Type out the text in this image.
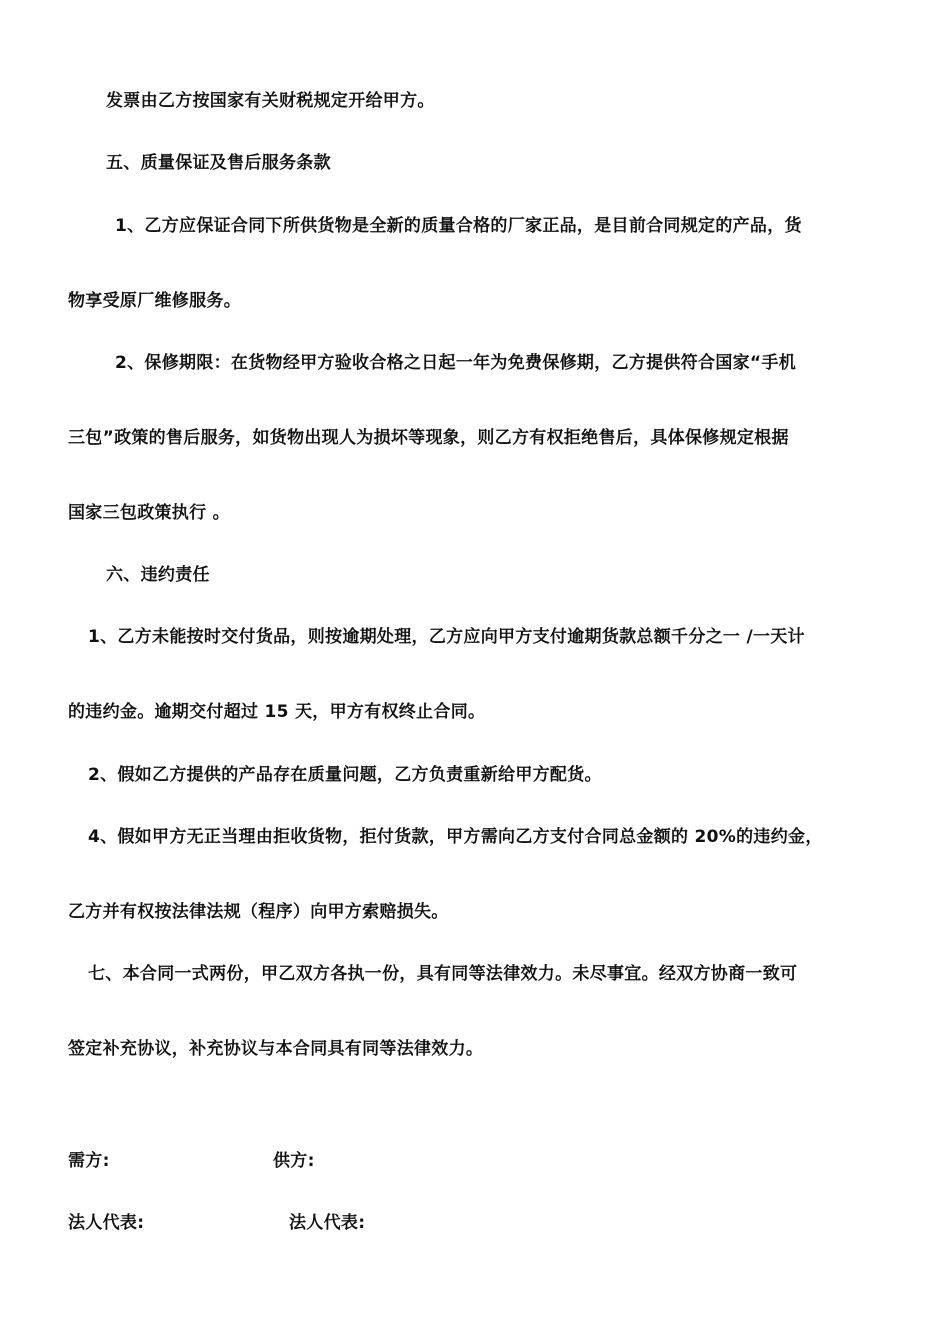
发票由乙方按国家有关财税规定开给甲方。
五、质量保证及售后服务条款
1、乙方应保证合同下所供货物是全新的质量合格的厂家正品，是目前合同规定的产品，货
物享受原厂维修服务。
2、保修期限：在货物经甲方验收合格之日起一年为免费保修期，乙方提供符合国家“手机
三包”政策的售后服务，如货物出现人为损坏等现象，则乙方有权拒绝售后，具体保修规定根据
国家三包政策执行 。
六、违约责任
1、乙方未能按时交付货品，则按逾期处理，乙方应向甲方支付逾期货款总额千分之一 /一天计
的违约金。逾期交付超过 15 天，甲方有权终止合同。
2、假如乙方提供的产品存在质量问题，乙方负责重新给甲方配货。
4、假如甲方无正当理由拒收货物，拒付货款，甲方需向乙方支付合同总金额的 20%的违约金，
乙方并有权按法律法规（程序）向甲方索赔损失。
七、本合同一式两份，甲乙双方各执一份，具有同等法律效力。未尽事宜。经双方协商一致可
签定补充协议，补充协议与本合同具有同等法律效力。
需方:	供方:
法人代表:	法人代表:
